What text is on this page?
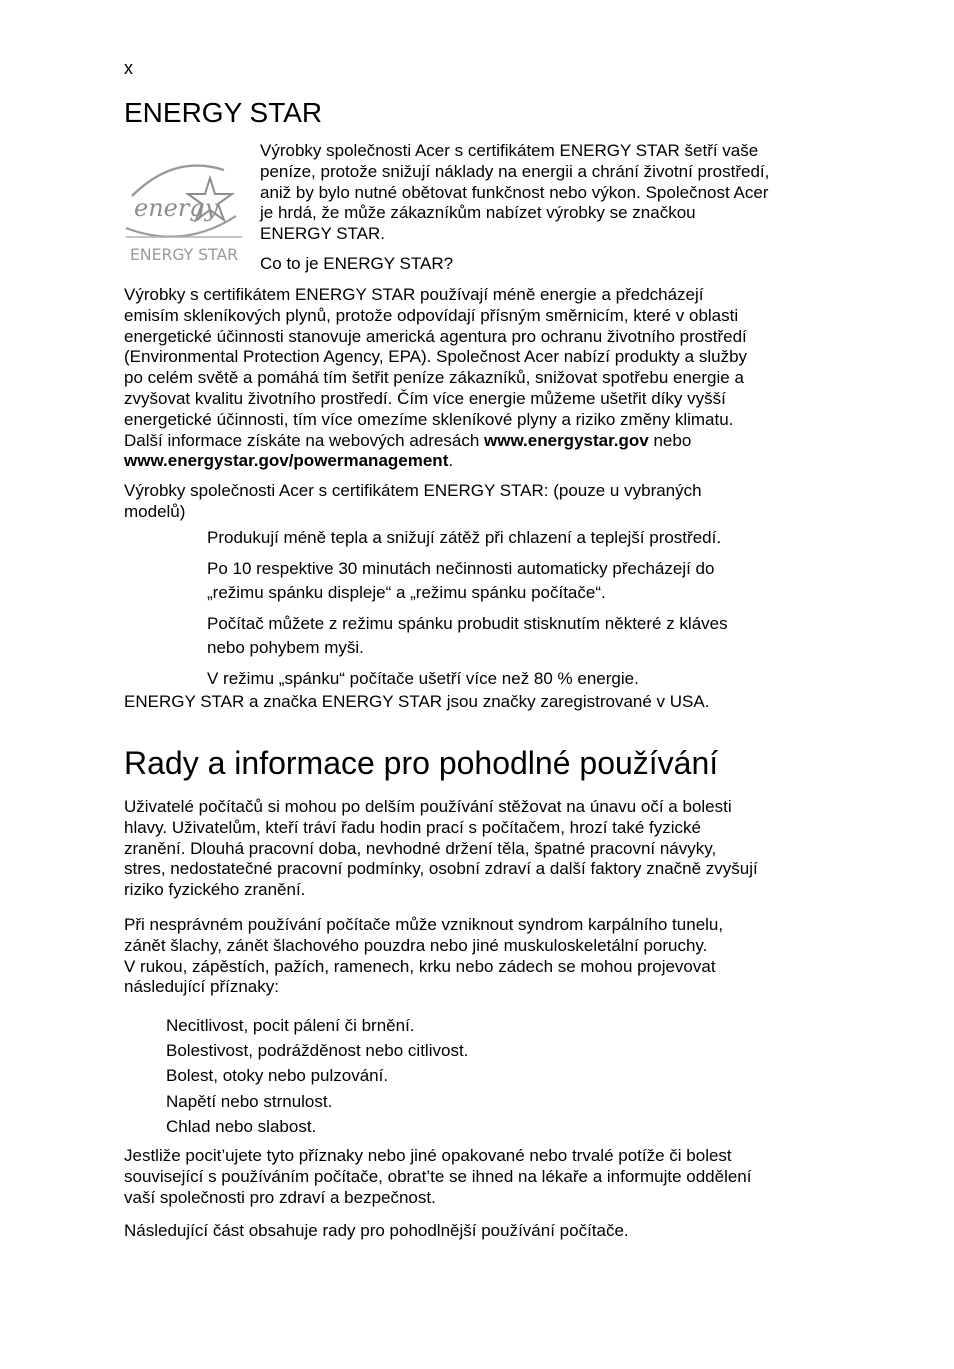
x
ENERGY STAR
energy
ENERGY STAR

Výrobky společnosti Acer s certifikátem ENERGY STAR šetří vaše
peníze, protože snižují náklady na energii a chrání životní prostředí,
aniž by bylo nutné obětovat funkčnost nebo výkon. Společnost Acer
je hrdá, že může zákazníkům nabízet výrobky se značkou
ENERGY STAR.

Co to je ENERGY STAR?

Výrobky s certifikátem ENERGY STAR používají méně energie a předcházejí
emisím skleníkových plynů, protože odpovídají přísným směrnicím, které v oblasti
energetické účinnosti stanovuje americká agentura pro ochranu životního prostředí
(Environmental Protection Agency, EPA). Společnost Acer nabízí produkty a služby
po celém světě a pomáhá tím šetřit peníze zákazníků, snižovat spotřebu energie a
zvyšovat kvalitu životního prostředí. Čím více energie můžeme ušetřit díky vyšší
energetické účinnosti, tím více omezíme skleníkové plyny a riziko změny klimatu.
Další informace získáte na webových adresách www.energystar.gov nebo
www.energystar.gov/powermanagement.

Výrobky společnosti Acer s certifikátem ENERGY STAR: (pouze u vybraných
modelů)

Produkují méně tepla a snižují zátěž při chlazení a teplejší prostředí.

Po 10 respektive 30 minutách nečinnosti automaticky přecházejí do
„režimu spánku displeje“ a „režimu spánku počítače“.

Počítač můžete z režimu spánku probudit stisknutím některé z kláves
nebo pohybem myši.

V režimu „spánku“ počítače ušetří více než 80 % energie.

ENERGY STAR a značka ENERGY STAR jsou značky zaregistrované v USA.

Rady a informace pro pohodlné používání

Uživatelé počítačů si mohou po delším používání stěžovat na únavu očí a bolesti
hlavy. Uživatelům, kteří tráví řadu hodin prací s počítačem, hrozí také fyzické
zranění. Dlouhá pracovní doba, nevhodné držení těla, špatné pracovní návyky,
stres, nedostatečné pracovní podmínky, osobní zdraví a další faktory značně zvyšují
riziko fyzického zranění.

Při nesprávném používání počítače může vzniknout syndrom karpálního tunelu,
zánět šlachy, zánět šlachového pouzdra nebo jiné muskuloskeletální poruchy.
V rukou, zápěstích, pažích, ramenech, krku nebo zádech se mohou projevovat
následující příznaky:

Necitlivost, pocit pálení či brnění.
Bolestivost, podrážděnost nebo citlivost.
Bolest, otoky nebo pulzování.
Napětí nebo strnulost.
Chlad nebo slabost.

Jestliže pocit’ujete tyto příznaky nebo jiné opakované nebo trvalé potíže či bolest
související s používáním počítače, obrat’te se ihned na lékaře a informujte oddělení
vaší společnosti pro zdraví a bezpečnost.

Následující část obsahuje rady pro pohodlnější používání počítače.
